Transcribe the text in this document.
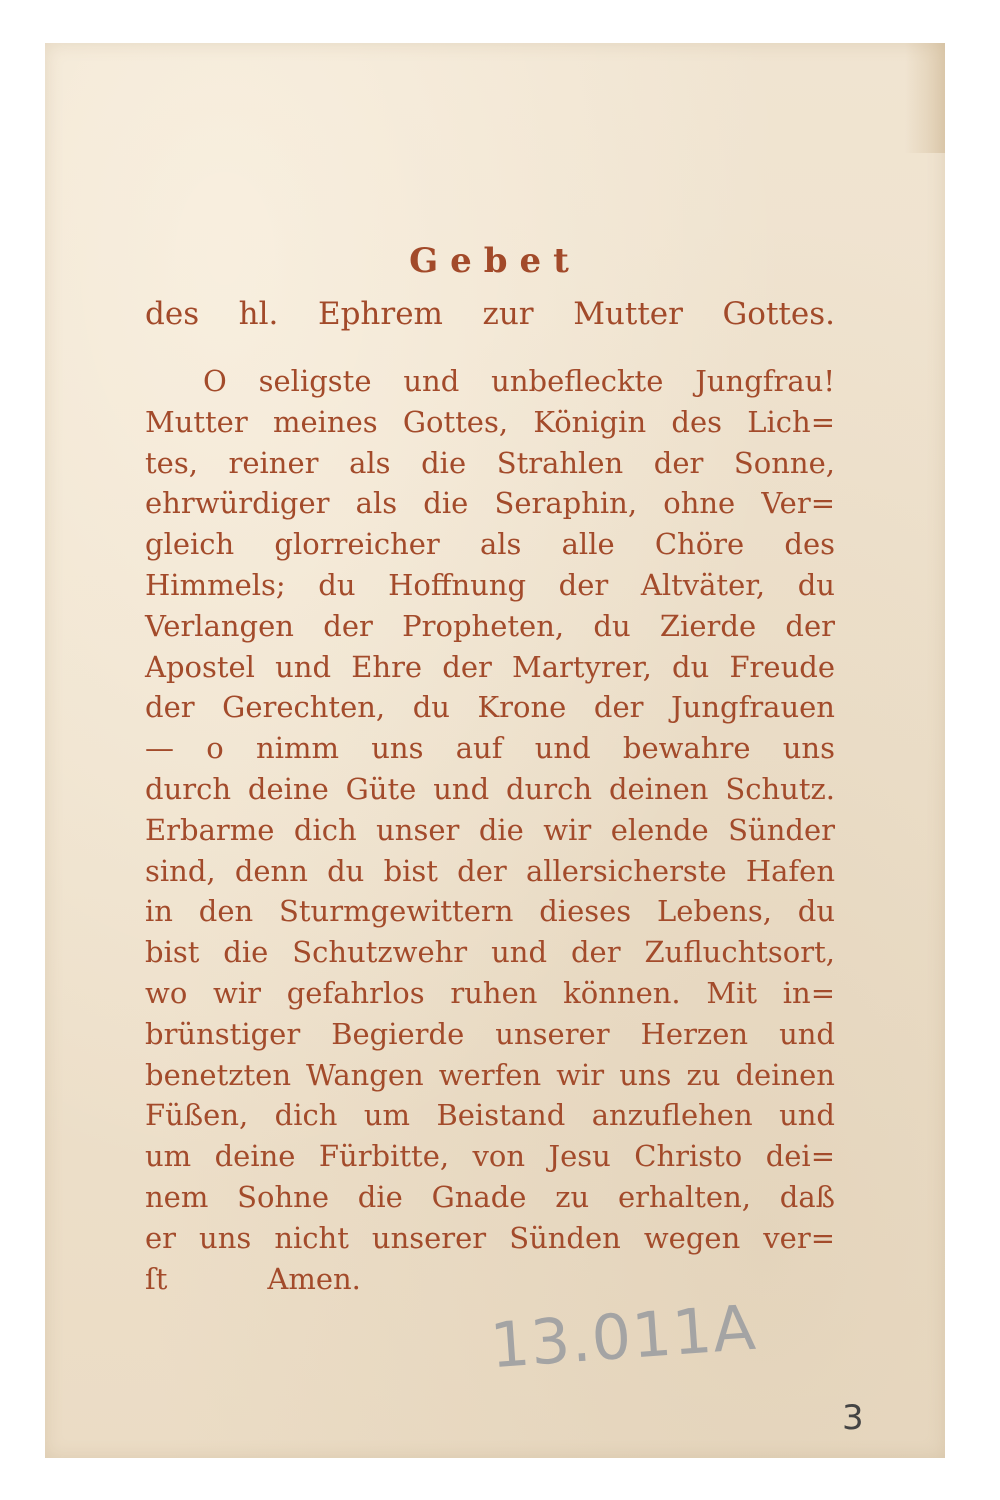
Gebet
des hl. Ephrem zur Mutter Gottes.
O seligste und unbefleckte Jungfrau!
Mutter meines Gottes, Königin des Lich=
tes, reiner als die Strahlen der Sonne,
ehrwürdiger als die Seraphin, ohne Ver=
gleich glorreicher als alle Chöre des
Himmels; du Hoffnung der Altväter, du
Verlangen der Propheten, du Zierde der
Apostel und Ehre der Martyrer, du Freude
der Gerechten, du Krone der Jungfrauen
— o nimm uns auf und bewahre uns
durch deine Güte und durch deinen Schutz.
Erbarme dich unser die wir elende Sünder
sind, denn du bist der allersicherste Hafen
in den Sturmgewittern dieses Lebens, du
bist die Schutzwehr und der Zufluchtsort,
wo wir gefahrlos ruhen können. Mit in=
brünstiger Begierde unserer Herzen und
benetzten Wangen werfen wir uns zu deinen
Füßen, dich um Beistand anzuflehen und
um deine Fürbitte, von Jesu Christo dei=
nem Sohne die Gnade zu erhalten, daß
er uns nicht unserer Sünden wegen ver=
ſt	Amen.
13.011A
3
